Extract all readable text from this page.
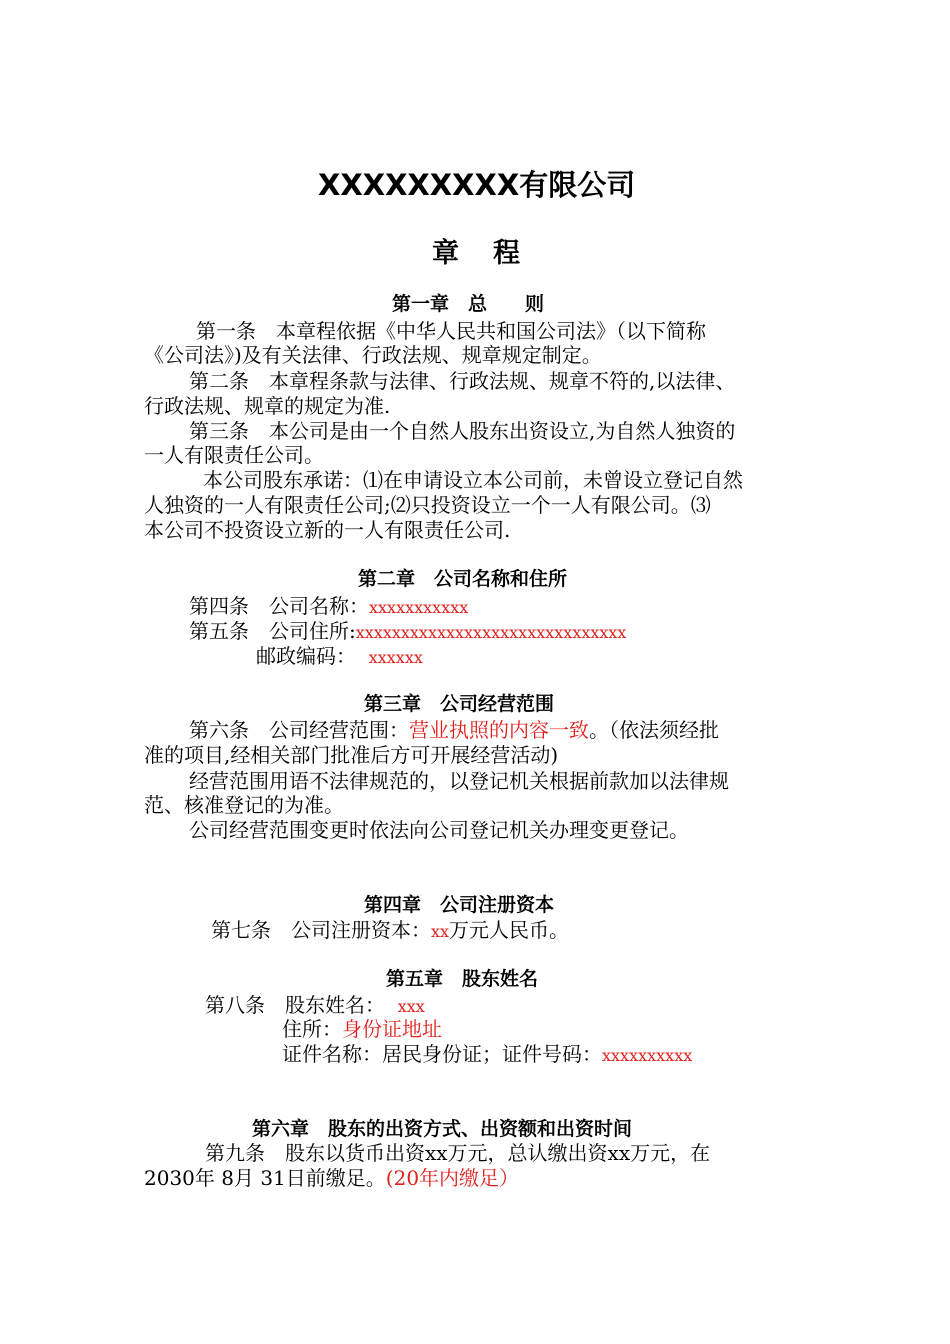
XXXXXXXXX有限公司
章程
第一章　总　　则
第一条　本章程依据《中华人民共和国公司法》（以下简称
《公司法》)及有关法律、行政法规、规章规定制定。
第二条　本章程条款与法律、行政法规、规章不符的,以法律、
行政法规、规章的规定为准.
第三条　本公司是由一个自然人股东出资设立,为自然人独资的
一人有限责任公司。
本公司股东承诺：⑴在申请设立本公司前，未曾设立登记自然
人独资的一人有限责任公司;⑵只投资设立一个一人有限公司。⑶
本公司不投资设立新的一人有限责任公司.
第二章　公司名称和住所
第四条　公司名称：xxxxxxxxxxx
第五条　公司住所:xxxxxxxxxxxxxxxxxxxxxxxxxxxxxx
邮政编码： xxxxxx
第三章　公司经营范围
第六条　公司经营范围：营业执照的内容一致。（依法须经批
准的项目,经相关部门批准后方可开展经营活动)
经营范围用语不法律规范的，以登记机关根据前款加以法律规
范、核准登记的为准。
公司经营范围变更时依法向公司登记机关办理变更登记。
第四章　公司注册资本
第七条　公司注册资本：xx万元人民币。
第五章　股东姓名
第八条　股东姓名： xxx
住所：身份证地址
证件名称：居民身份证；证件号码：xxxxxxxxxx
第六章　股东的出资方式、出资额和出资时间
第九条　股东以货币出资xx万元，总认缴出资xx万元，在
2030年 8月 31日前缴足。(20年内缴足）
